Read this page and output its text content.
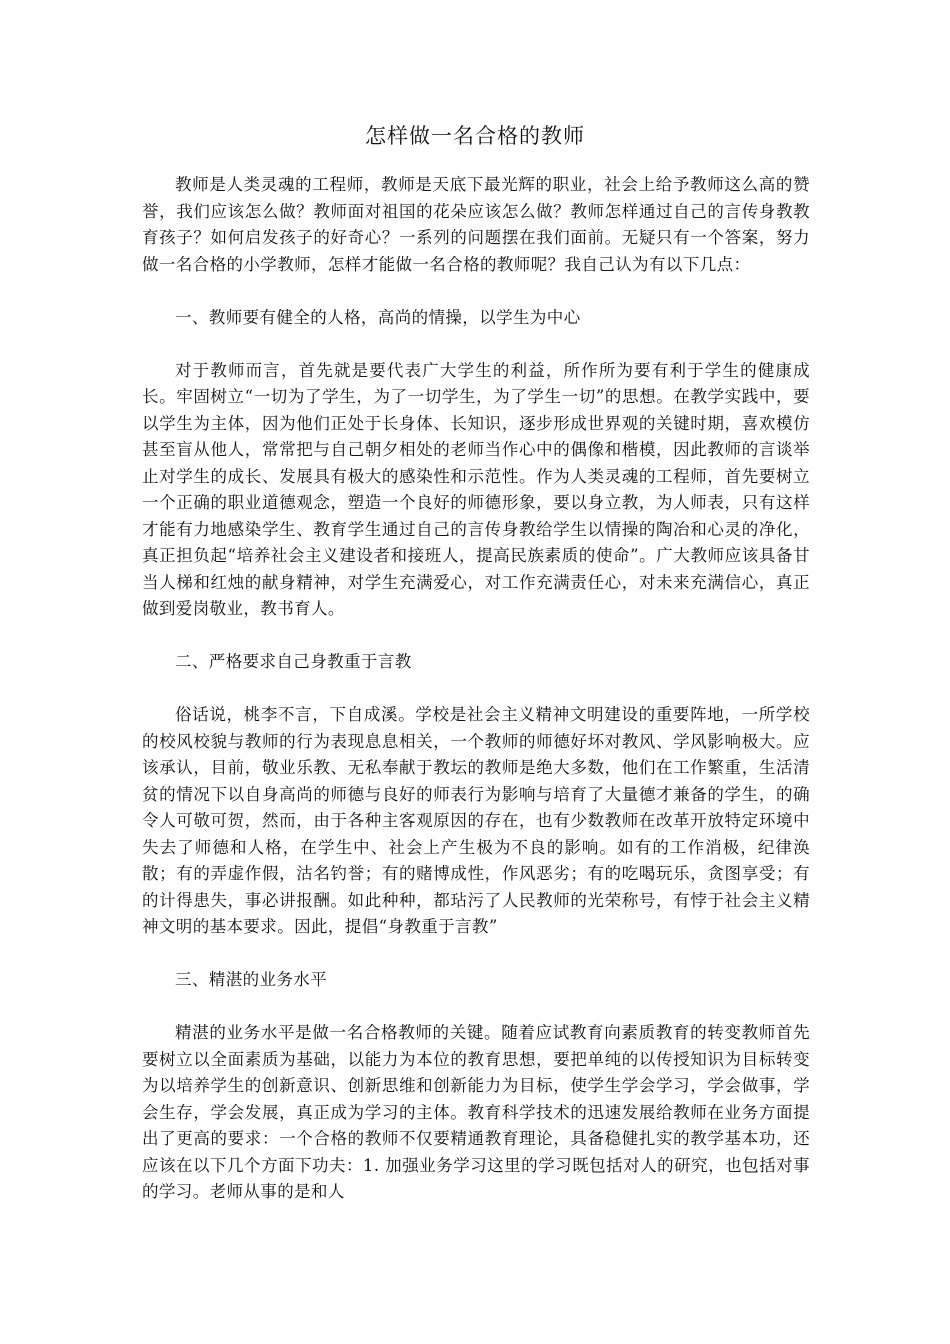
怎样做一名合格的教师

教师是人类灵魂的工程师，教师是天底下最光辉的职业，社会上给予教师这么高的赞誉，我们应该怎么做？教师面对祖国的花朵应该怎么做？教师怎样通过自己的言传身教教育孩子？如何启发孩子的好奇心？一系列的问题摆在我们面前。无疑只有一个答案，努力做一名合格的小学教师，怎样才能做一名合格的教师呢？我自己认为有以下几点：

一、教师要有健全的人格，高尚的情操，以学生为中心

对于教师而言，首先就是要代表广大学生的利益，所作所为要有利于学生的健康成长。牢固树立“一切为了学生，为了一切学生，为了学生一切”的思想。在教学实践中，要以学生为主体，因为他们正处于长身体、长知识，逐步形成世界观的关键时期，喜欢模仿甚至盲从他人，常常把与自己朝夕相处的老师当作心中的偶像和楷模，因此教师的言谈举止对学生的成长、发展具有极大的感染性和示范性。作为人类灵魂的工程师，首先要树立一个正确的职业道德观念，塑造一个良好的师德形象，要以身立教，为人师表，只有这样才能有力地感染学生、教育学生通过自己的言传身教给学生以情操的陶冶和心灵的净化，真正担负起“培养社会主义建设者和接班人，提高民族素质的使命”。广大教师应该具备甘当人梯和红烛的献身精神，对学生充满爱心，对工作充满责任心，对未来充满信心，真正做到爱岗敬业，教书育人。

二、严格要求自己身教重于言教

俗话说，桃李不言，下自成溪。学校是社会主义精神文明建设的重要阵地，一所学校的校风校貌与教师的行为表现息息相关，一个教师的师德好坏对教风、学风影响极大。应该承认，目前，敬业乐教、无私奉献于教坛的教师是绝大多数，他们在工作繁重，生活清贫的情况下以自身高尚的师德与良好的师表行为影响与培育了大量德才兼备的学生，的确令人可敬可贺，然而，由于各种主客观原因的存在，也有少数教师在改革开放特定环境中失去了师德和人格，在学生中、社会上产生极为不良的影响。如有的工作消极，纪律涣散；有的弄虚作假，沽名钓誉；有的赌博成性，作风恶劣；有的吃喝玩乐，贪图享受；有的计得患失，事必讲报酬。如此种种，都玷污了人民教师的光荣称号，有悖于社会主义精神文明的基本要求。因此，提倡“身教重于言教”

三、精湛的业务水平

精湛的业务水平是做一名合格教师的关键。随着应试教育向素质教育的转变教师首先要树立以全面素质为基础，以能力为本位的教育思想，要把单纯的以传授知识为目标转变为以培养学生的创新意识、创新思维和创新能力为目标，使学生学会学习，学会做事，学会生存，学会发展，真正成为学习的主体。教育科学技术的迅速发展给教师在业务方面提出了更高的要求：一个合格的教师不仅要精通教育理论，具备稳健扎实的教学基本功，还应该在以下几个方面下功夫：1. 加强业务学习这里的学习既包括对人的研究，也包括对事的学习。老师从事的是和人
